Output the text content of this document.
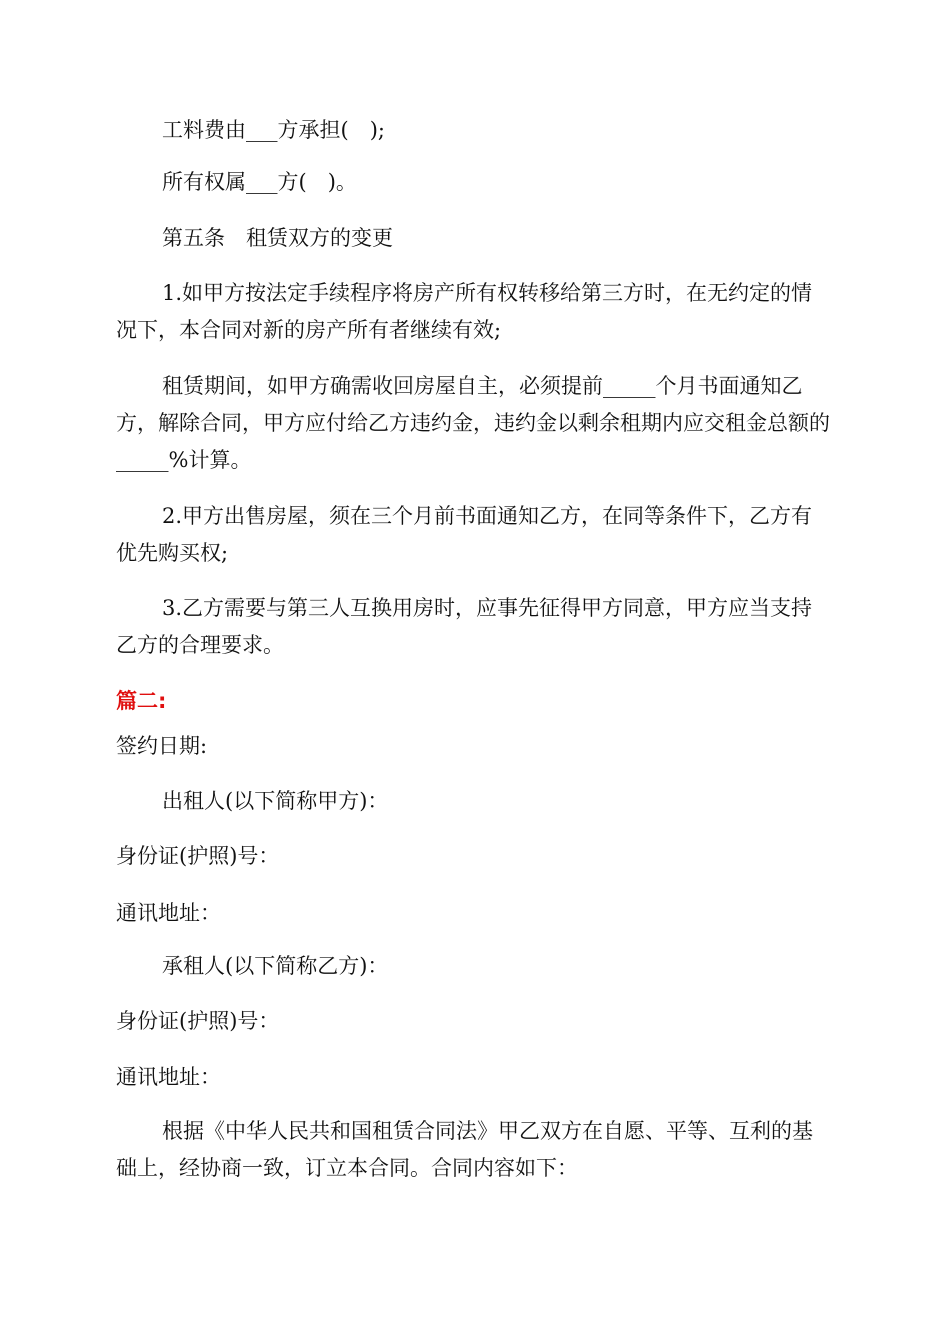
工料费由___方承担(　);

所有权属___方(　)。

第五条　租赁双方的变更

1.如甲方按法定手续程序将房产所有权转移给第三方时，在无约定的情况下，本合同对新的房产所有者继续有效;

租赁期间，如甲方确需收回房屋自主，必须提前_____个月书面通知乙方，解除合同，甲方应付给乙方违约金，违约金以剩余租期内应交租金总额的_____%计算。

2.甲方出售房屋，须在三个月前书面通知乙方，在同等条件下，乙方有优先购买权;

3.乙方需要与第三人互换用房时，应事先征得甲方同意，甲方应当支持乙方的合理要求。

篇二:

签约日期:

出租人(以下简称甲方)：

身份证(护照)号：

通讯地址：

承租人(以下简称乙方)：

身份证(护照)号：

通讯地址：

根据《中华人民共和国租赁合同法》甲乙双方在自愿、平等、互利的基础上，经协商一致，订立本合同。合同内容如下：
